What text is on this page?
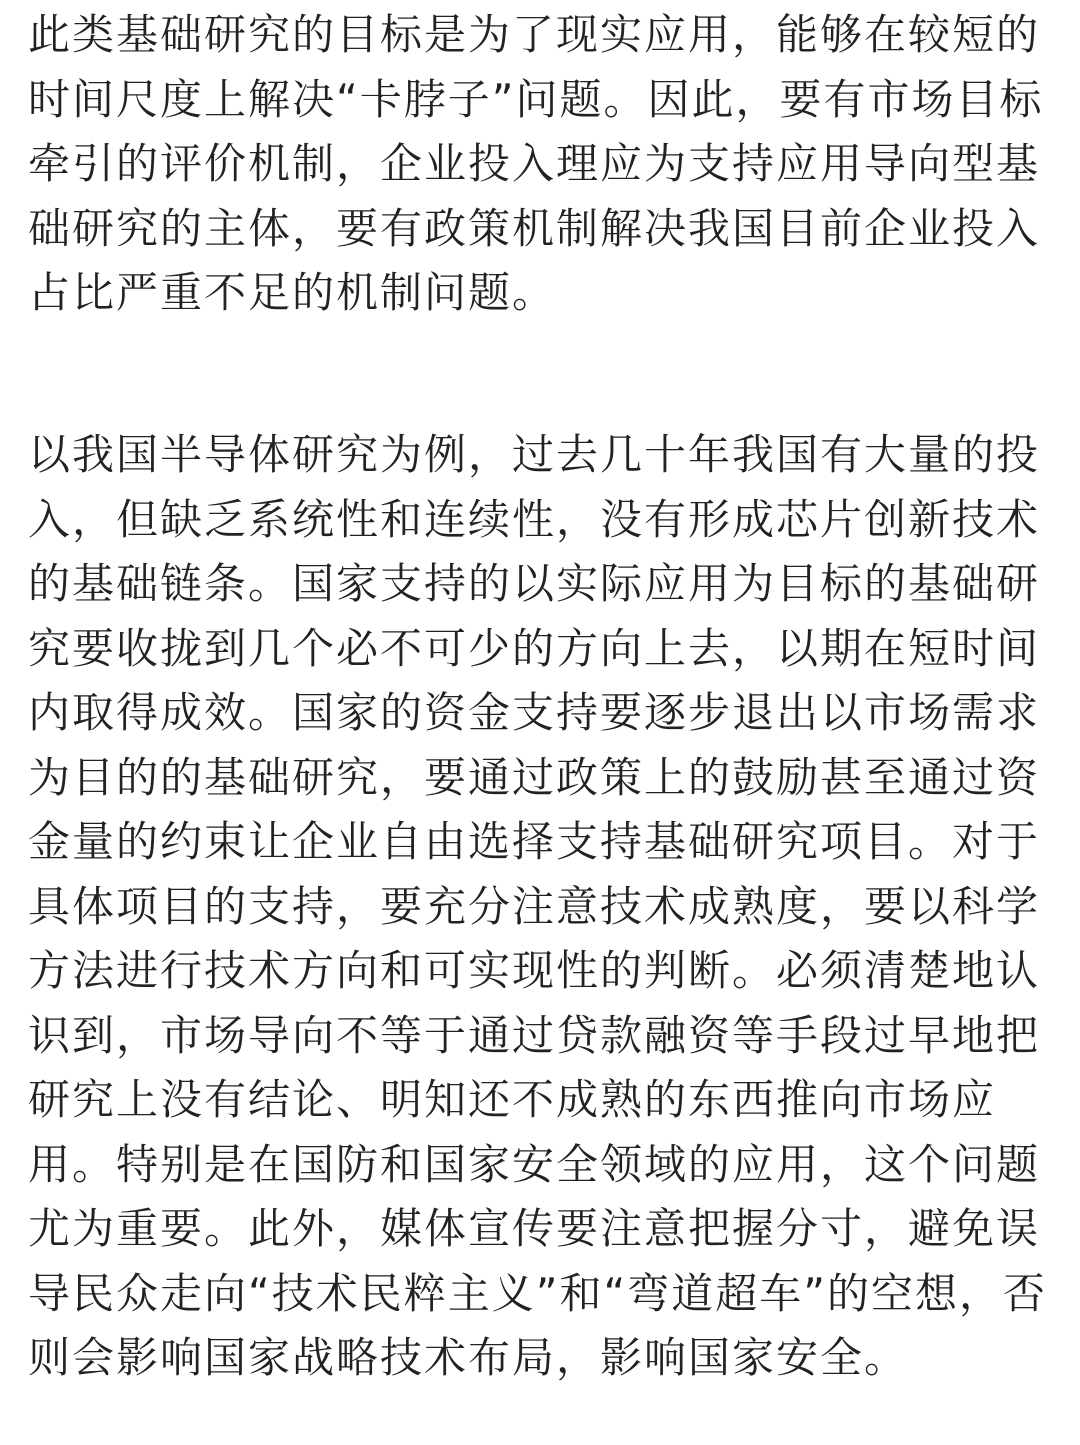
此类基础研究的目标是为了现实应用，能够在较短的
时间尺度上解决“卡脖子”问题。因此，要有市场目标
牵引的评价机制，企业投入理应为支持应用导向型基
础研究的主体，要有政策机制解决我国目前企业投入
占比严重不足的机制问题。
以我国半导体研究为例，过去几十年我国有大量的投
入，但缺乏系统性和连续性，没有形成芯片创新技术
的基础链条。国家支持的以实际应用为目标的基础研
究要收拢到几个必不可少的方向上去，以期在短时间
内取得成效。国家的资金支持要逐步退出以市场需求
为目的的基础研究，要通过政策上的鼓励甚至通过资
金量的约束让企业自由选择支持基础研究项目。对于
具体项目的支持，要充分注意技术成熟度，要以科学
方法进行技术方向和可实现性的判断。必须清楚地认
识到，市场导向不等于通过贷款融资等手段过早地把
研究上没有结论、明知还不成熟的东西推向市场应
用。特别是在国防和国家安全领域的应用，这个问题
尤为重要。此外，媒体宣传要注意把握分寸，避免误
导民众走向“技术民粹主义”和“弯道超车”的空想，否
则会影响国家战略技术布局，影响国家安全。
